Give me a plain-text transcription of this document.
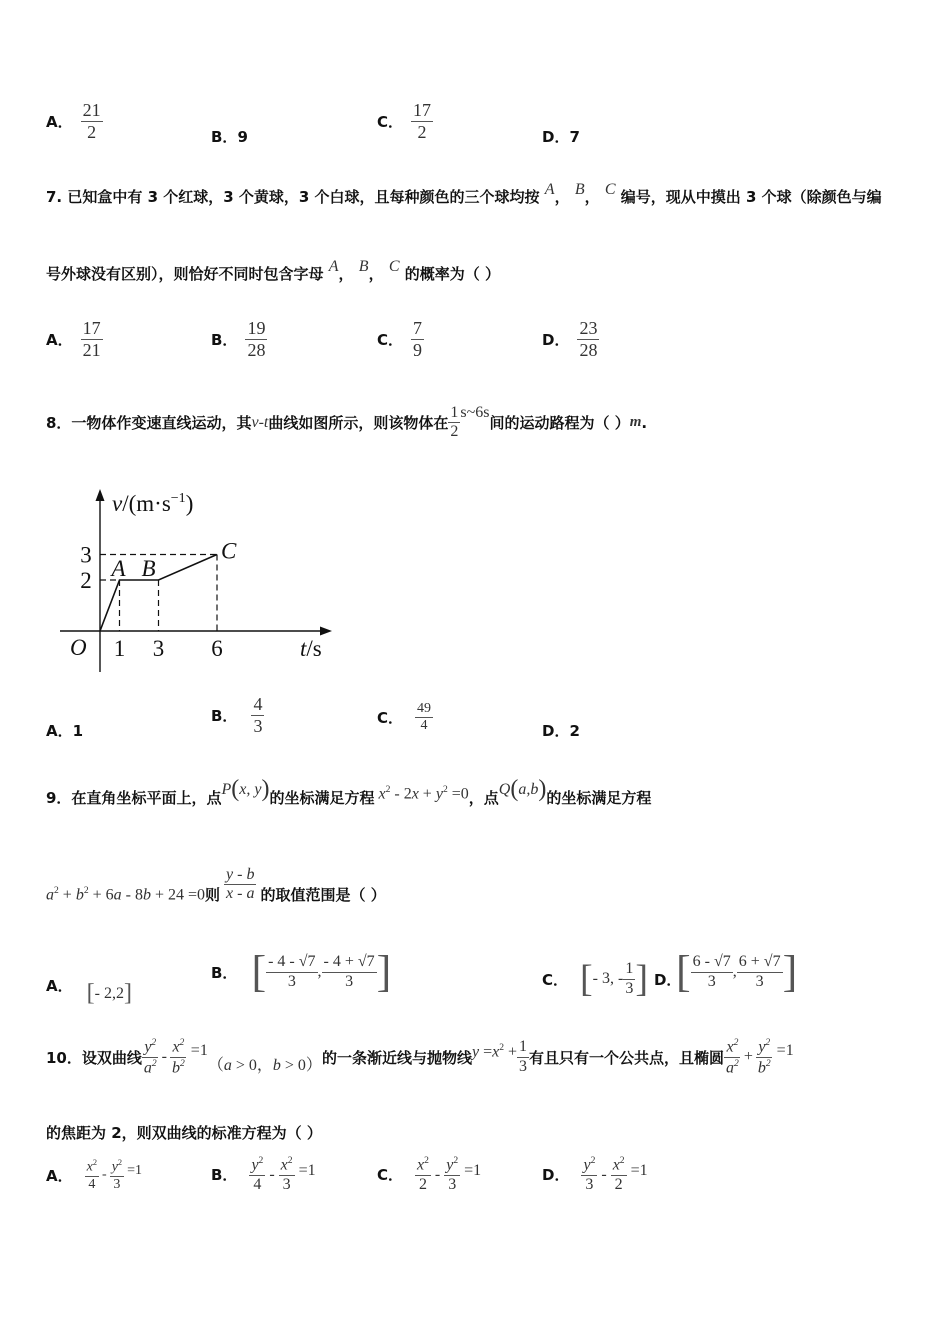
A． $\frac{21}{2}$	B． 9
C． $\frac{17}{2}$	D． 7
7. 已知盒中有 3 个红球，3 个黄球，3 个白球，且每种颜色的三个球均按 A， B， C 编号，现从中摸出 3 个球（除颜色与编
号外球没有区别），则恰好不同时包含字母 A， B， C 的概率为（ ）
A． $\frac{17}{21}$	B． $\frac{19}{28}$	C． $\frac{7}{9}$	D． $\frac{23}{28}$
8．一物体作变速直线运动，其 v - t 曲线如图所示，则该物体在 $\frac{1}{2}$ s~6s
间的运动路程为（ ） m .
$v/(m\cdot s^{-1})$
t/s
O 1 3 6
2
3
A B
C
A． 1
B． $\frac{4}{3}$	C． $\frac{49}{4}$	D． 2
9．在直角坐标平面上，点 P ( x, y ) 的坐标满足方程 $x^2 - 2x + y^2 =0$ ，点 Q ( a,b ) 的坐标满足方程
$a^2 + b^2 + 6a - 8b + 24 =0$ 则 $\frac{y - b}{x - a}$ 的取值范围是（ ）
A． [ - 2,2 ]
B． [ $\frac{- 4 - √7}{3}$ , $\frac{- 4 + √7}{3}$ ]	C． [ - 3, - $\frac{1}{3}$ ] D．
[ $\frac{6 - √7}{3}$ , $\frac{6 + √7}{3}$ ]
10．设双曲线 $\frac{y^2}{a^2} - \frac{x^2}{b^2} =1$
（a > 0，b > 0） 的一条渐近线与抛物线 $y =x^2 + \frac{1}{3}$ 有且只有一个公共点，且椭圆 $\frac{x^2}{a^2} + \frac{y^2}{b^2} =1$
的焦距为 2，则双曲线的标准方程为（ ）
A． $\frac{x^2}{4} - \frac{y^2}{3} =1$	B． $\frac{y^2}{4} - \frac{x^2}{3} =1$	C． $\frac{x^2}{2} - \frac{y^2}{3} =1$	D． $\frac{y^2}{3} - \frac{x^2}{2} =1$
